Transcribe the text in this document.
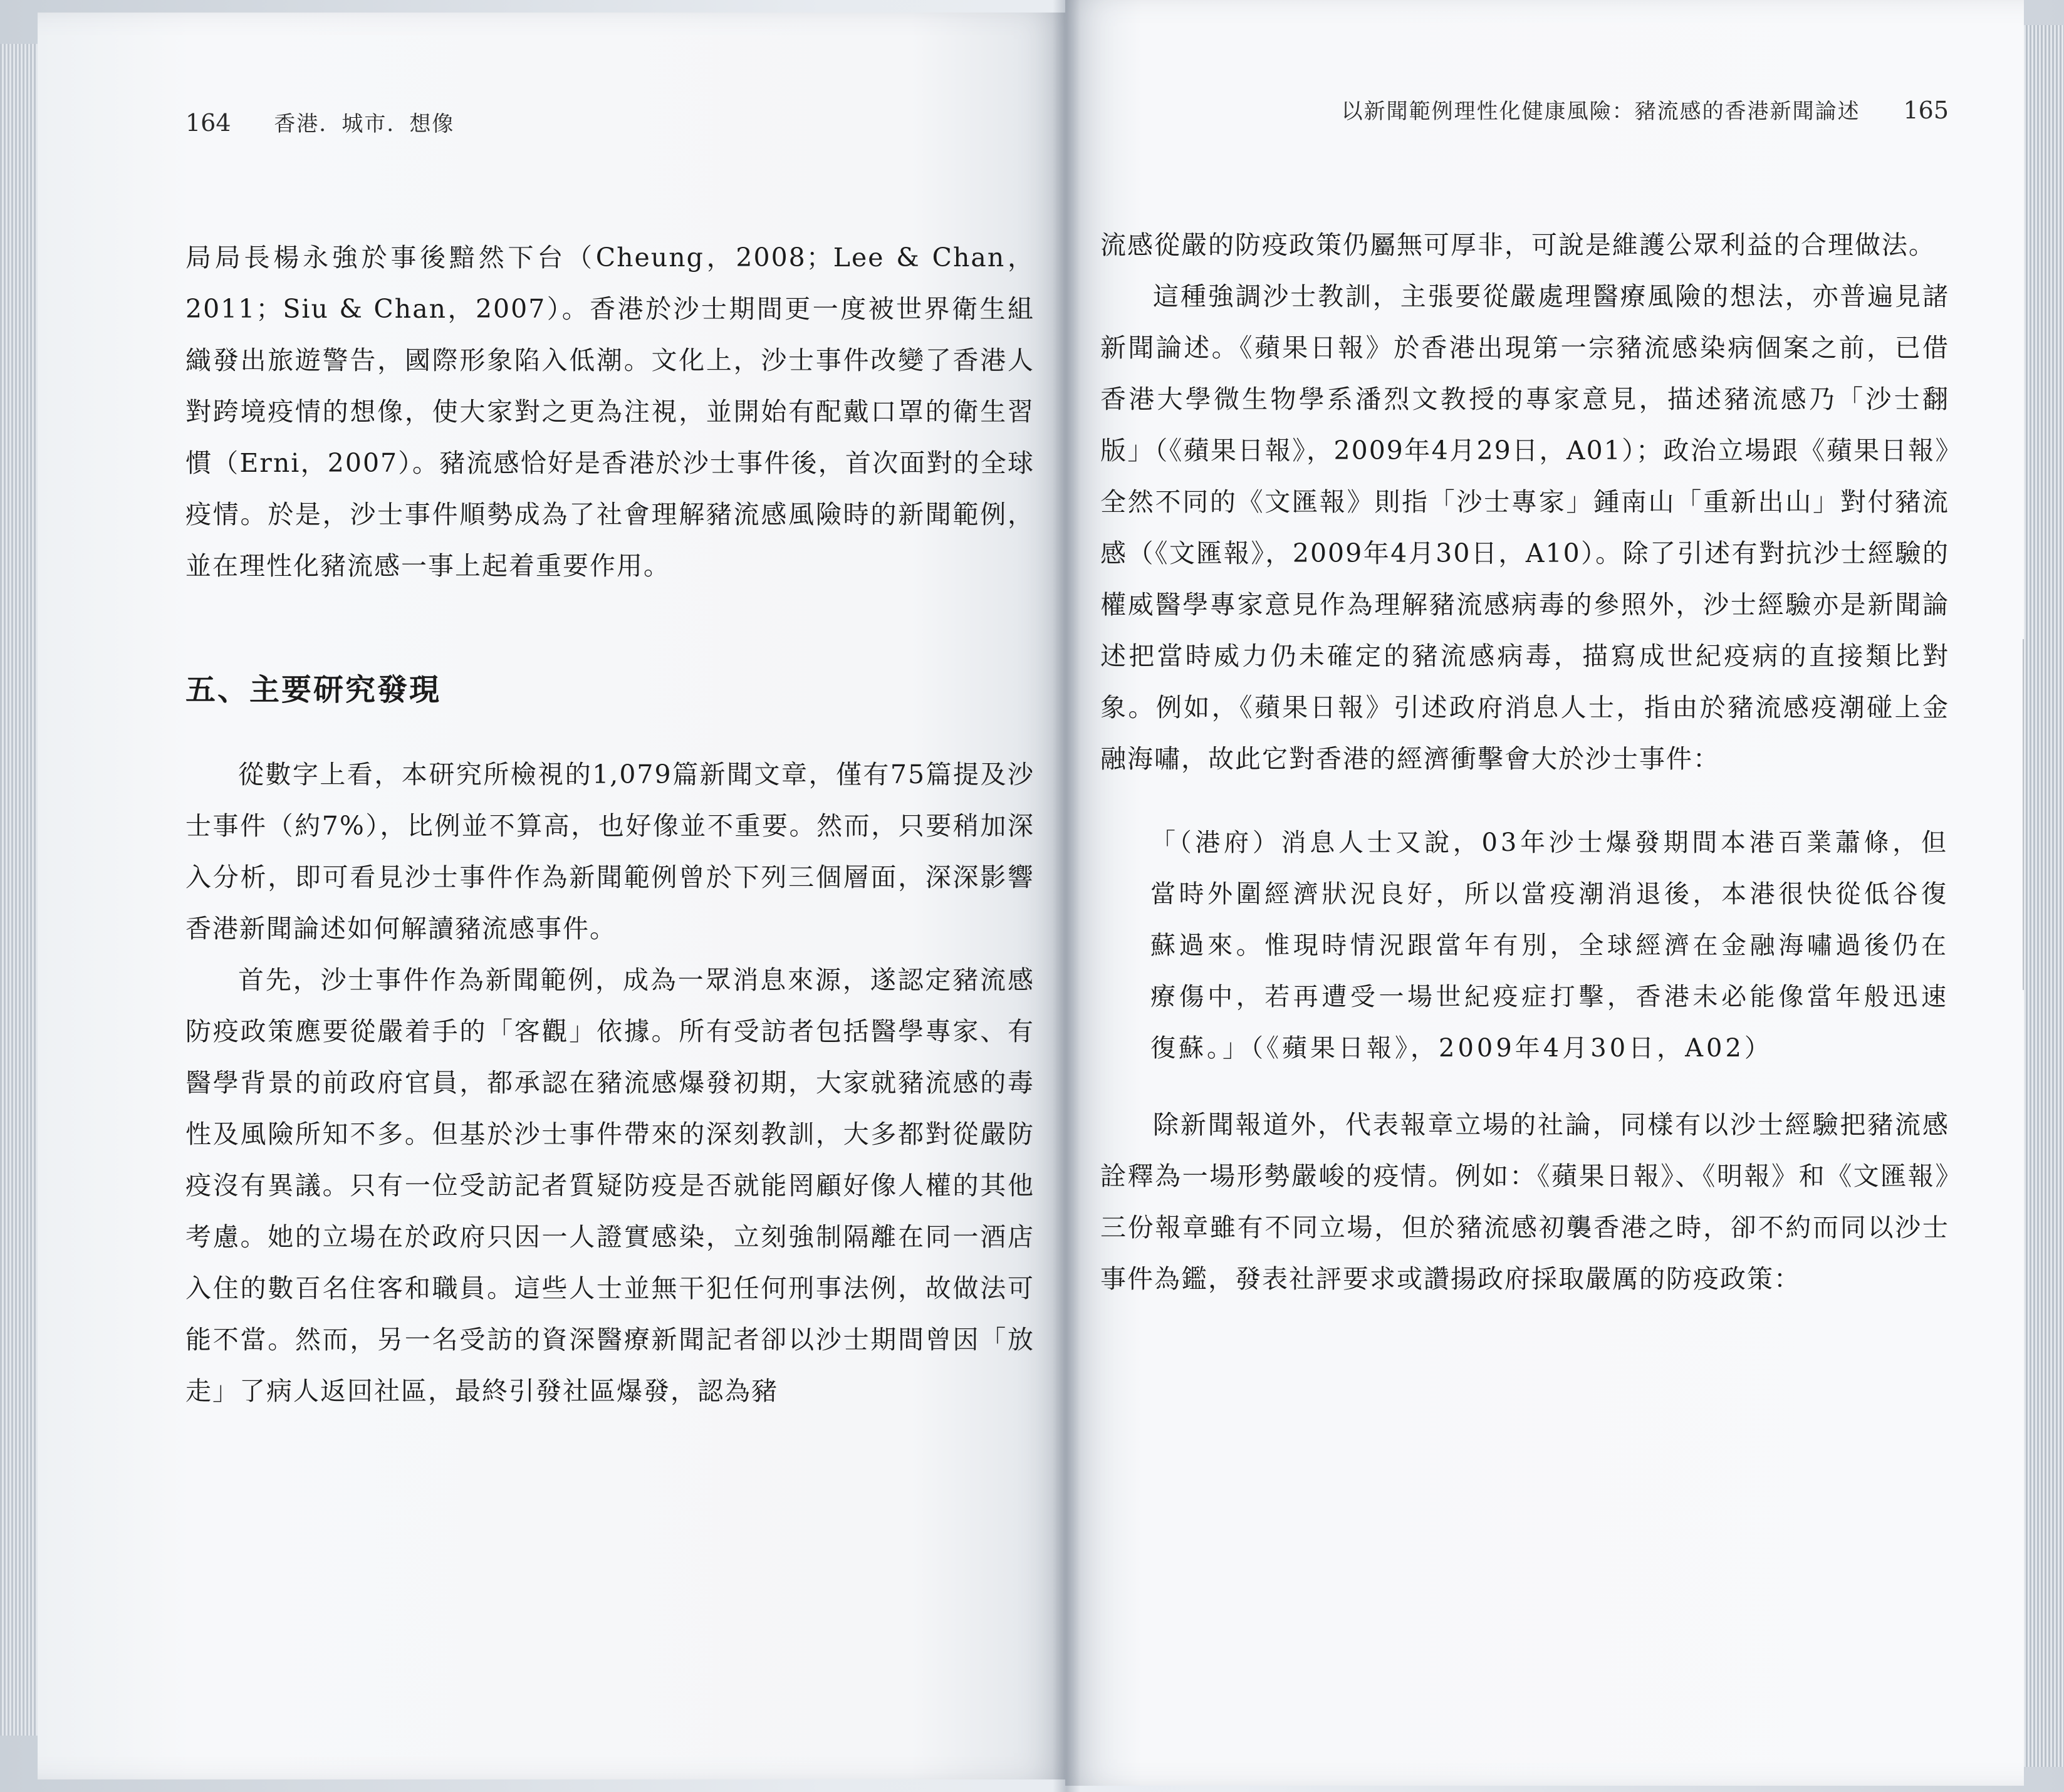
164 香港．城市．想像

局局長楊永強於事後黯然下台（Cheung，2008；Lee & Chan，2011；Siu & Chan，2007）。香港於沙士期間更一度被世界衛生組織發出旅遊警告，國際形象陷入低潮。文化上，沙士事件改變了香港人對跨境疫情的想像，使大家對之更為注視，並開始有配戴口罩的衛生習慣（Erni，2007）。豬流感恰好是香港於沙士事件後，首次面對的全球疫情。於是，沙士事件順勢成為了社會理解豬流感風險時的新聞範例，並在理性化豬流感一事上起着重要作用。

五、主要研究發現

從數字上看，本研究所檢視的1,079篇新聞文章，僅有75篇提及沙士事件（約7%），比例並不算高，也好像並不重要。然而，只要稍加深入分析，即可看見沙士事件作為新聞範例曾於下列三個層面，深深影響香港新聞論述如何解讀豬流感事件。

首先，沙士事件作為新聞範例，成為一眾消息來源，遂認定豬流感防疫政策應要從嚴着手的「客觀」依據。所有受訪者包括醫學專家、有醫學背景的前政府官員，都承認在豬流感爆發初期，大家就豬流感的毒性及風險所知不多。但基於沙士事件帶來的深刻教訓，大多都對從嚴防疫沒有異議。只有一位受訪記者質疑防疫是否就能罔顧好像人權的其他考慮。她的立場在於政府只因一人證實感染，立刻強制隔離在同一酒店入住的數百名住客和職員。這些人士並無干犯任何刑事法例，故做法可能不當。然而，另一名受訪的資深醫療新聞記者卻以沙士期間曾因「放走」了病人返回社區，最終引發社區爆發，認為豬

以新聞範例理性化健康風險：豬流感的香港新聞論述 165

流感從嚴的防疫政策仍屬無可厚非，可說是維護公眾利益的合理做法。

這種強調沙士教訓，主張要從嚴處理醫療風險的想法，亦普遍見諸新聞論述。《蘋果日報》於香港出現第一宗豬流感染病個案之前，已借香港大學微生物學系潘烈文教授的專家意見，描述豬流感乃「沙士翻版」（《蘋果日報》，2009年4月29日，A01）；政治立場跟《蘋果日報》全然不同的《文匯報》則指「沙士專家」鍾南山「重新出山」對付豬流感（《文匯報》，2009年4月30日，A10）。除了引述有對抗沙士經驗的權威醫學專家意見作為理解豬流感病毒的參照外，沙士經驗亦是新聞論述把當時威力仍未確定的豬流感病毒，描寫成世紀疫病的直接類比對象。例如，《蘋果日報》引述政府消息人士，指由於豬流感疫潮碰上金融海嘯，故此它對香港的經濟衝擊會大於沙士事件：

「（港府）消息人士又說，03年沙士爆發期間本港百業蕭條，但當時外圍經濟狀況良好，所以當疫潮消退後，本港很快從低谷復蘇過來。惟現時情況跟當年有別，全球經濟在金融海嘯過後仍在療傷中，若再遭受一場世紀疫症打擊，香港未必能像當年般迅速復蘇。」（《蘋果日報》，2009年4月30日，A02）

除新聞報道外，代表報章立場的社論，同樣有以沙士經驗把豬流感詮釋為一場形勢嚴峻的疫情。例如：《蘋果日報》、《明報》和《文匯報》三份報章雖有不同立場，但於豬流感初襲香港之時，卻不約而同以沙士事件為鑑，發表社評要求或讚揚政府採取嚴厲的防疫政策：
